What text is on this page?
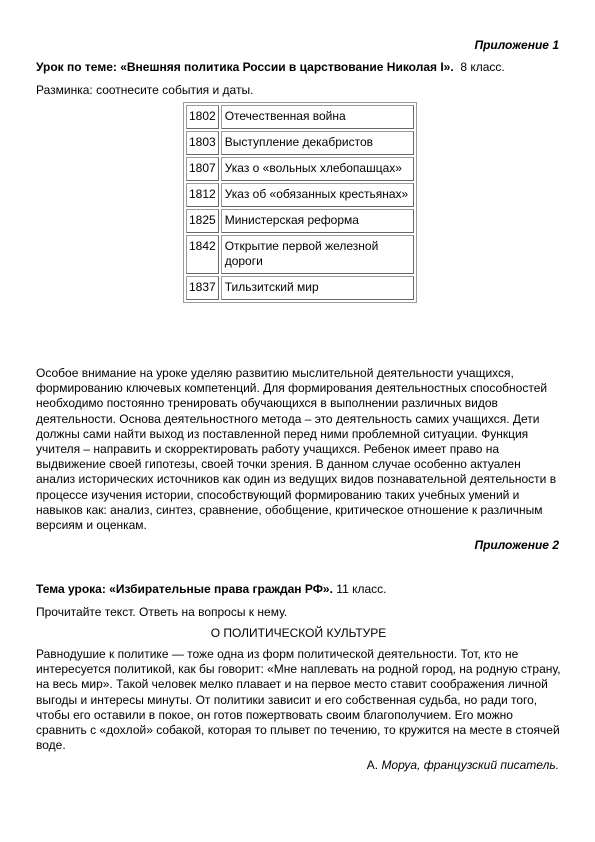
Приложение 1
Урок по теме: «Внешняя политика России в царствование Николая I». 8 класс.
Разминка: соотнесите события и даты.
1802	Отечественная война
1803	Выступление декабристов
1807	Указ о «вольных хлебопашцах»
1812	Указ об «обязанных крестьянах»
1825	Министерская реформа
1842	Открытие первой железной дороги
1837	Тильзитский мир
Особое внимание на уроке уделяю развитию мыслительной деятельности учащихся, формированию ключевых компетенций. Для формирования деятельностных способностей необходимо постоянно тренировать обучающихся в выполнении различных видов деятельности. Основа деятельностного метода – это деятельность самих учащихся. Дети должны сами найти выход из поставленной перед ними проблемной ситуации. Функция учителя – направить и скорректировать работу учащихся. Ребенок имеет право на выдвижение своей гипотезы, своей точки зрения. В данном случае особенно актуален анализ исторических источников как один из ведущих видов познавательной деятельности в процессе изучения истории, способствующий формированию таких учебных умений и навыков как: анализ, синтез, сравнение, обобщение, критическое отношение к различным версиям и оценкам.
Приложение 2
Тема урока: «Избирательные права граждан РФ». 11 класс.
Прочитайте текст. Ответь на вопросы к нему.
О ПОЛИТИЧЕСКОЙ КУЛЬТУРЕ
Равнодушие к политике — тоже одна из форм политической деятельности. Тот, кто не интересуется политикой, как бы говорит: «Мне наплевать на родной город, на родную страну, на весь мир». Такой человек мелко плавает и на первое место ставит соображения личной выгоды и интересы минуты. От политики зависит и его собственная судьба, но ради того, чтобы его оставили в покое, он готов пожертвовать своим благополучием. Его можно сравнить с «дохлой» собакой, которая то плывет по течению, то кружится на месте в стоячей воде.
А. Моруа, французский писатель.
